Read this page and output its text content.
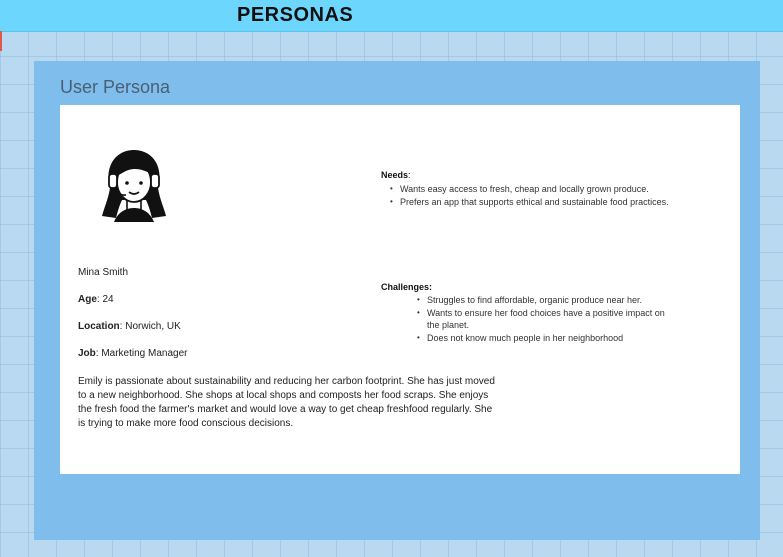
PERSONAS
User Persona
Mina Smith
Age: 24
Location: Norwich, UK
Job: Marketing Manager
Emily is passionate about sustainability and reducing her carbon footprint. She has just moved to a new neighborhood. She shops at local shops and composts her food scraps. She enjoys the fresh food the farmer's market and would love a way to get cheap freshfood regularly. She is trying to make more food conscious decisions.
Needs:
• Wants easy access to fresh, cheap and locally grown produce.
• Prefers an app that supports ethical and sustainable food practices.
Challenges:
• Struggles to find affordable, organic produce near her.
• Wants to ensure her food choices have a positive impact on the planet.
• Does not know much people in her neighborhood
